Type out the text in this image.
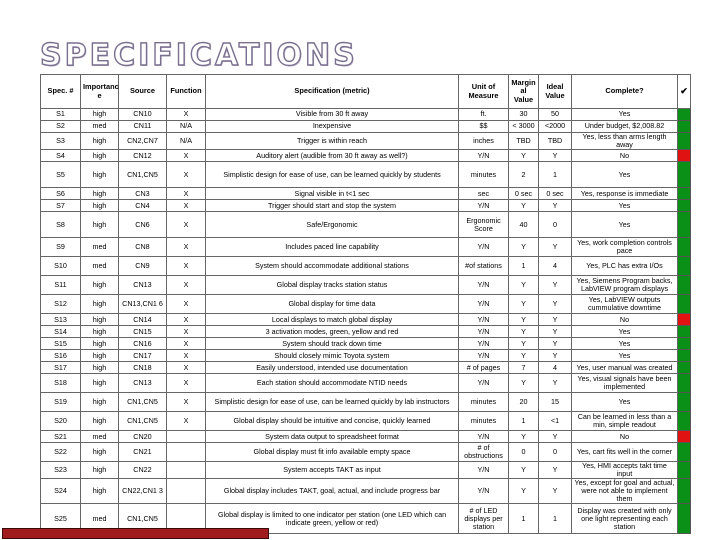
SPECIFICATIONS
Spec. #	Importanc e	Source	Function	Specification (metric)	Unit of Measure	Margin al Value	Ideal Value	Complete?	✔
S1	high	CN10	X	Visible from 30 ft away	ft.	30	50	Yes	
S2	med	CN11	N/A	Inexpensive	$$	< 3000	<2000	Under budget, $2,008.82	
S3	high	CN2,CN7	N/A	Trigger is within reach	inches	TBD	TBD	Yes, less than arms length away	
S4	high	CN12	X	Auditory alert (audible from 30 ft away as well?)	Y/N	Y	Y	No	
S5	high	CN1,CN5	X	Simplistic design for ease of use, can be learned quickly by students	minutes	2	1	Yes	
S6	high	CN3	X	Signal visible in t<1 sec	sec	0 sec	0 sec	Yes, response is immediate	
S7	high	CN4	X	Trigger should start and stop the system	Y/N	Y	Y	Yes	
S8	high	CN6	X	Safe/Ergonomic	Ergonomic Score	40	0	Yes	
S9	med	CN8	X	Includes paced line capability	Y/N	Y	Y	Yes, work completion controls pace	
S10	med	CN9	X	System should accommodate additional stations	#of stations	1	4	Yes, PLC has extra I/Os	
S11	high	CN13	X	Global display tracks station status	Y/N	Y	Y	Yes, Siemens Program backs, LabVIEW program displays	
S12	high	CN13,CN1 6	X	Global display for time data	Y/N	Y	Y	Yes, LabVIEW outputs cummulative downtime	
S13	high	CN14	X	Local displays to match global display	Y/N	Y	Y	No	
S14	high	CN15	X	3 activation modes, green, yellow and red	Y/N	Y	Y	Yes	
S15	high	CN16	X	System should track down time	Y/N	Y	Y	Yes	
S16	high	CN17	X	Should closely mimic Toyota system	Y/N	Y	Y	Yes	
S17	high	CN18	X	Easily understood, intended use documentation	# of pages	7	4	Yes, user manual was created	
S18	high	CN13	X	Each station should accommodate NTID needs	Y/N	Y	Y	Yes, visual signals have been implemented	
S19	high	CN1,CN5	X	Simplistic design for ease of use, can be learned quickly by lab instructors	minutes	20	15	Yes	
S20	high	CN1,CN5	X	Global display should be intuitive and concise, quickly learned	minutes	1	<1	Can be learned in less than a min, simple readout	
S21	med	CN20		System data output to spreadsheet format	Y/N	Y	Y	No	
S22	high	CN21		Global display must fit info available empty space	# of obstructions	0	0	Yes, cart fits well in the corner	
S23	high	CN22		System accepts TAKT as input	Y/N	Y	Y	Yes, HMI accepts takt time input	
S24	high	CN22,CN1 3		Global display includes TAKT, goal, actual, and include progress bar	Y/N	Y	Y	Yes, except for goal and actual, were not able to implement them	
S25	med	CN1,CN5		Global display is limited to one indicator per station (one LED which can indicate green, yellow or red)	# of LED displays per station	1	1	Display was created with only one light representing each station	
